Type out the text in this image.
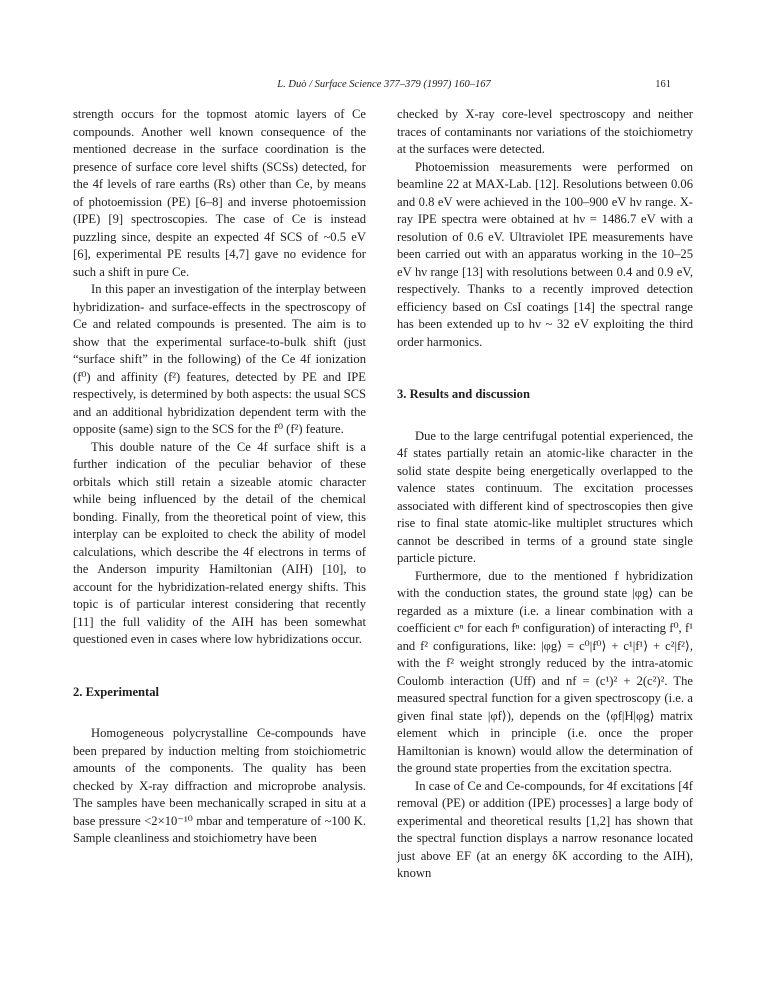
L. Duò / Surface Science 377–379 (1997) 160–167	161

strength occurs for the topmost atomic layers of Ce compounds. Another well known consequence of the mentioned decrease in the surface coordination is the presence of surface core level shifts (SCSs) detected, for the 4f levels of rare earths (Rs) other than Ce, by means of photoemission (PE) [6–8] and inverse photoemission (IPE) [9] spectroscopies. The case of Ce is instead puzzling since, despite an expected 4f SCS of ~0.5 eV [6], experimental PE results [4,7] gave no evidence for such a shift in pure Ce.

In this paper an investigation of the interplay between hybridization- and surface-effects in the spectroscopy of Ce and related compounds is presented. The aim is to show that the experimental surface-to-bulk shift (just “surface shift” in the following) of the Ce 4f ionization (f⁰) and affinity (f²) features, detected by PE and IPE respectively, is determined by both aspects: the usual SCS and an additional hybridization dependent term with the opposite (same) sign to the SCS for the f⁰ (f²) feature.

This double nature of the Ce 4f surface shift is a further indication of the peculiar behavior of these orbitals which still retain a sizeable atomic character while being influenced by the detail of the chemical bonding. Finally, from the theoretical point of view, this interplay can be exploited to check the ability of model calculations, which describe the 4f electrons in terms of the Anderson impurity Hamiltonian (AIH) [10], to account for the hybridization-related energy shifts. This topic is of particular interest considering that recently [11] the full validity of the AIH has been somewhat questioned even in cases where low hybridizations occur.

2. Experimental

Homogeneous polycrystalline Ce-compounds have been prepared by induction melting from stoichiometric amounts of the components. The quality has been checked by X-ray diffraction and microprobe analysis. The samples have been mechanically scraped in situ at a base pressure <2×10⁻¹⁰ mbar and temperature of ~100 K. Sample cleanliness and stoichiometry have been

checked by X-ray core-level spectroscopy and neither traces of contaminants nor variations of the stoichiometry at the surfaces were detected.

Photoemission measurements were performed on beamline 22 at MAX-Lab. [12]. Resolutions between 0.06 and 0.8 eV were achieved in the 100–900 eV hν range. X-ray IPE spectra were obtained at hν = 1486.7 eV with a resolution of 0.6 eV. Ultraviolet IPE measurements have been carried out with an apparatus working in the 10–25 eV hν range [13] with resolutions between 0.4 and 0.9 eV, respectively. Thanks to a recently improved detection efficiency based on CsI coatings [14] the spectral range has been extended up to hν ~ 32 eV exploiting the third order harmonics.

3. Results and discussion

Due to the large centrifugal potential experienced, the 4f states partially retain an atomic-like character in the solid state despite being energetically overlapped to the valence states continuum. The excitation processes associated with different kind of spectroscopies then give rise to final state atomic-like multiplet structures which cannot be described in terms of a ground state single particle picture.

Furthermore, due to the mentioned f hybridization with the conduction states, the ground state |φg⟩ can be regarded as a mixture (i.e. a linear combination with a coefficient cⁿ for each fⁿ configuration) of interacting f⁰, f¹ and f² configurations, like: |φg⟩ = c⁰|f⁰⟩ + c¹|f¹⟩ + c²|f²⟩, with the f² weight strongly reduced by the intra-atomic Coulomb interaction (Uff) and nf = (c¹)² + 2(c²)². The measured spectral function for a given spectroscopy (i.e. a given final state |φf⟩), depends on the ⟨φf|H|φg⟩ matrix element which in principle (i.e. once the proper Hamiltonian is known) would allow the determination of the ground state properties from the excitation spectra.

In case of Ce and Ce-compounds, for 4f excitations [4f removal (PE) or addition (IPE) processes] a large body of experimental and theoretical results [1,2] has shown that the spectral function displays a narrow resonance located just above EF (at an energy δK according to the AIH), known
